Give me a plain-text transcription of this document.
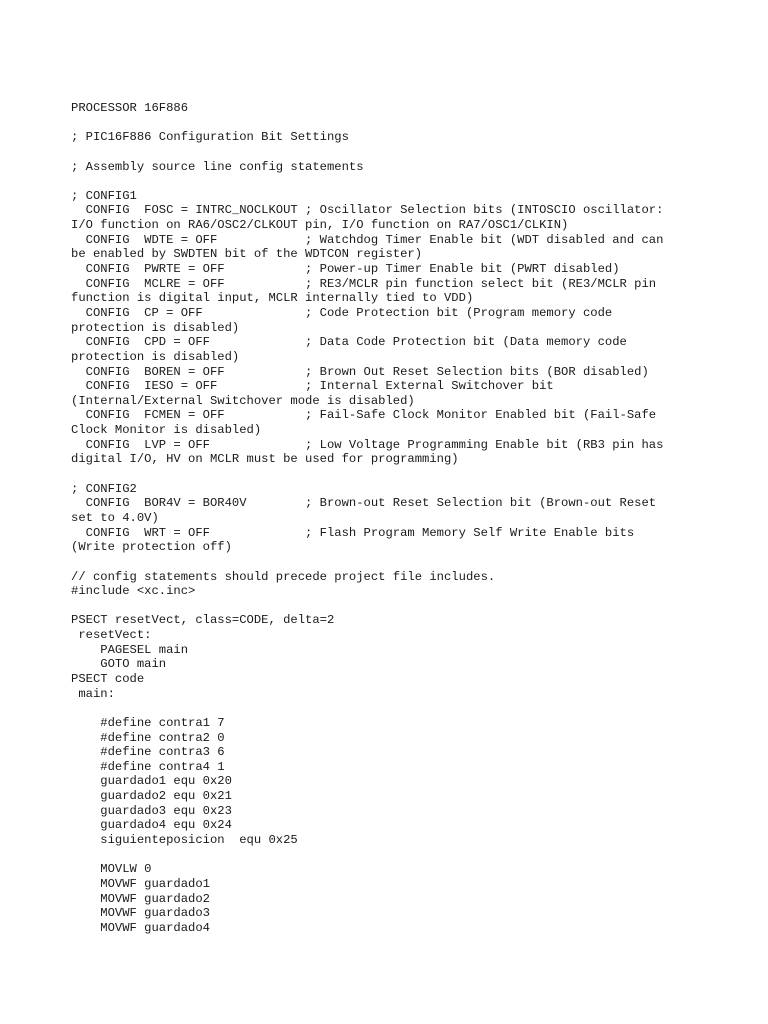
PROCESSOR 16F886
; PIC16F886 Configuration Bit Settings
; Assembly source line config statements
; CONFIG1
CONFIG  FOSC = INTRC_NOCLKOUT ; Oscillator Selection bits (INTOSCIO oscillator:
I/O function on RA6/OSC2/CLKOUT pin, I/O function on RA7/OSC1/CLKIN)
CONFIG  WDTE = OFF            ; Watchdog Timer Enable bit (WDT disabled and can
be enabled by SWDTEN bit of the WDTCON register)
CONFIG  PWRTE = OFF           ; Power-up Timer Enable bit (PWRT disabled)
CONFIG  MCLRE = OFF           ; RE3/MCLR pin function select bit (RE3/MCLR pin
function is digital input, MCLR internally tied to VDD)
CONFIG  CP = OFF              ; Code Protection bit (Program memory code
protection is disabled)
CONFIG  CPD = OFF             ; Data Code Protection bit (Data memory code
protection is disabled)
CONFIG  BOREN = OFF           ; Brown Out Reset Selection bits (BOR disabled)
CONFIG  IESO = OFF            ; Internal External Switchover bit
(Internal/External Switchover mode is disabled)
CONFIG  FCMEN = OFF           ; Fail-Safe Clock Monitor Enabled bit (Fail-Safe
Clock Monitor is disabled)
CONFIG  LVP = OFF             ; Low Voltage Programming Enable bit (RB3 pin has
digital I/O, HV on MCLR must be used for programming)
; CONFIG2
CONFIG  BOR4V = BOR40V        ; Brown-out Reset Selection bit (Brown-out Reset
set to 4.0V)
CONFIG  WRT = OFF             ; Flash Program Memory Self Write Enable bits
(Write protection off)
// config statements should precede project file includes.
#include <xc.inc>
PSECT resetVect, class=CODE, delta=2
resetVect:
PAGESEL main
GOTO main
PSECT code
main:
#define contra1 7
#define contra2 0
#define contra3 6
#define contra4 1
guardado1 equ 0x20
guardado2 equ 0x21
guardado3 equ 0x23
guardado4 equ 0x24
siguienteposicion  equ 0x25
MOVLW 0
MOVWF guardado1
MOVWF guardado2
MOVWF guardado3
MOVWF guardado4
